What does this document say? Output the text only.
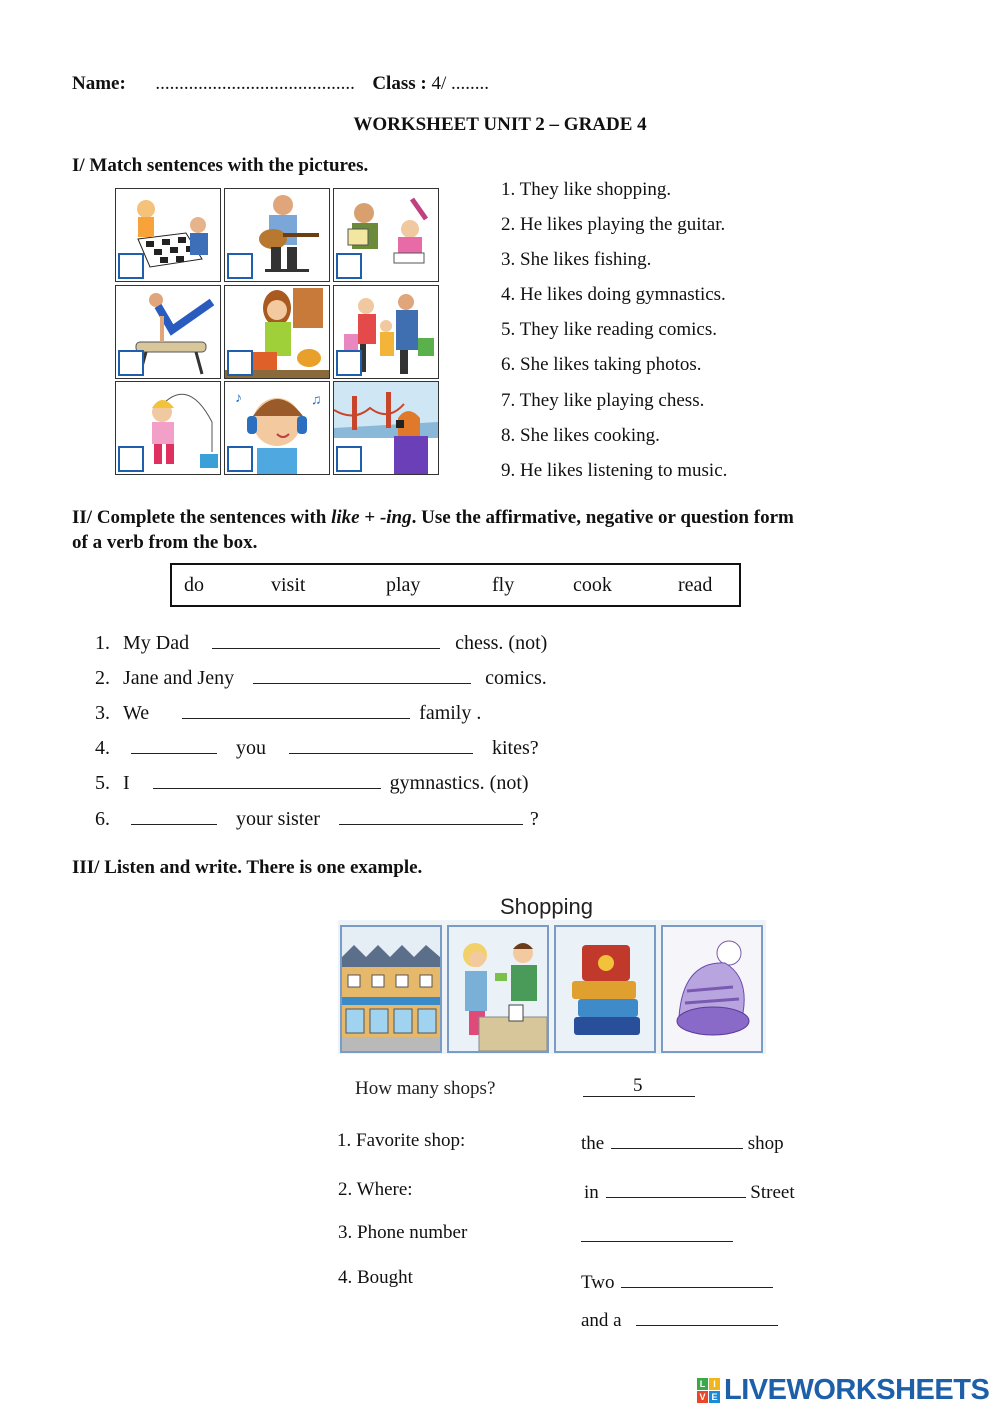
Name: .......................................... Class : 4/ ........
WORKSHEET UNIT 2 – GRADE 4
I/ Match sentences with the pictures.
♪	♫
1. They like shopping.
2. He likes playing the guitar.
3. She likes fishing.
4. He likes doing gymnastics.
5. They like reading comics.
6. She likes taking photos.
7. They like playing chess.
8. She likes cooking.
9. He likes listening to music.
II/ Complete the sentences with like + -ing. Use the affirmative, negative or question form
of a verb from the box.
do	visit	play	fly	cook	read
1. My Dad	chess. (not)
2. Jane and Jeny	comics.
3. We	family .
4.	you	kites?
5. I	gymnastics. (not)
6.	your sister	?
III/ Listen and write. There is one example.
Shopping
How many shops?	5
1. Favorite shop:	the	shop
2. Where:	in	Street
3. Phone number
4. Bought	Two
and a
L I
V E LIVEWORKSHEETS
